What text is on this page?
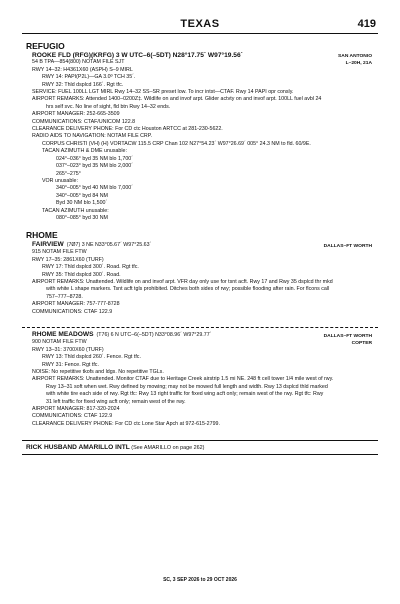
TEXAS	419
REFUGIO
SAN ANTONIO
L–20H, 21A
ROOKE FLD (RFG)(KRFG) 3 W UTC–6(–5DT) N28°17.75´ W97°19.56´
54 B TPA—854(800) NOTAM FILE SJT
RWY 14–32: H4361X60 (ASPH) S–9 MIRL
RWY 14: PAPI(P2L)—GA 3.0º TCH 35´.
RWY 32: Thld dsplcd 166´. Rgt tfc.
SERVICE: FUEL 100LL LGT MIRL Rwy 14–32 SS–SR preset low. To incr intst—CTAF. Rwy 14 PAPI opr consly.
AIRPORT REMARKS: Attended 1400–0200Z‡. Wildlife on and invof arpt. Glider actvty on and invof arpt. 100LL fuel avbl 24
hrs self svc. No line of sight, fld btn Rwy 14–32 ends.
AIRPORT MANAGER: 252-665-3509
COMMUNICATIONS: CTAF/UNICOM 122.8
CLEARANCE DELIVERY PHONE: For CD ctc Houston ARTCC at 281-230-5622.
RADIO AIDS TO NAVIGATION: NOTAM FILE CRP.
CORPUS CHRISTI (VH) (H) VORTACW 115.5 CRP Chan 102 N27°54.23´ W97°26.69´ 005° 24.3 NM to fld. 60/9E.
TACAN AZIMUTH & DME unusable:
024°–036° byd 35 NM blo 1,700´
037°–023° byd 35 NM blo 2,000´
265°–275°
VOR unusable:
340°–005° byd 40 NM blo 7,000´
340°–005° byd 84 NM
Byd 30 NM blo 1,500´
TACAN AZIMUTH unusable:
080°–085° byd 30 NM
RHOME
DALLAS–FT WORTH
FAIRVIEW (7Ø7) 3 NE N33°05.67´ W97°25.63´
915 NOTAM FILE FTW
RWY 17–35: 2861X60 (TURF)
RWY 17: Thld dsplcd 300´. Road. Rgt tfc.
RWY 35: Thld dsplcd 300´. Road.
AIRPORT REMARKS: Unattended. Wildlife on and invof arpt. VFR day only use for tsnt acft. Rwy 17 and Rwy 35 dsplcd thr mkd
with white L shape markers. Tsnt acft tgls prohibited. Ditches both sides of rwy; possible flooding after rain. For flcons call
757–777–8728.
AIRPORT MANAGER: 757-777-8728
COMMUNICATIONS: CTAF 122.9
DALLAS–FT WORTH
COPTER
RHOME MEADOWS (T76) 6 N UTC–6(–5DT) N33°08.96´ W97°29.77´
900 NOTAM FILE FTW
RWY 13–31: 3700X60 (TURF)
RWY 13: Thld dsplcd 260´. Fence. Rgt tfc.
RWY 31: Fence. Rgt tfc.
NOISE: No repetitive tkofs and ldgs. No repetitive TGLs.
AIRPORT REMARKS: Unattended. Monitor CTAF due to Heritage Creek airstrip 1.5 mi NE. 248 ft cell tower 1/4 mile west of rwy.
Rwy 13–31 soft when wet. Rwy defined by mowing; may not be mowed full length and width. Rwy 13 dsplcd thld marked
with white tire each side of rwy. Rgt tfc: Rwy 13 right traffic for fixed wing acft only; remain west of the rwy. Rgt tfc: Rwy
31 left traffic for fixed wing acft only; remain west of the rwy.
AIRPORT MANAGER: 817-320-2024
COMMUNICATIONS: CTAF 122.9
CLEARANCE DELIVERY PHONE: For CD ctc Lone Star Apch at 972-615-2799.
RICK HUSBAND AMARILLO INTL (See AMARILLO on page 262)
SC, 3 SEP 2026 to 29 OCT 2026
